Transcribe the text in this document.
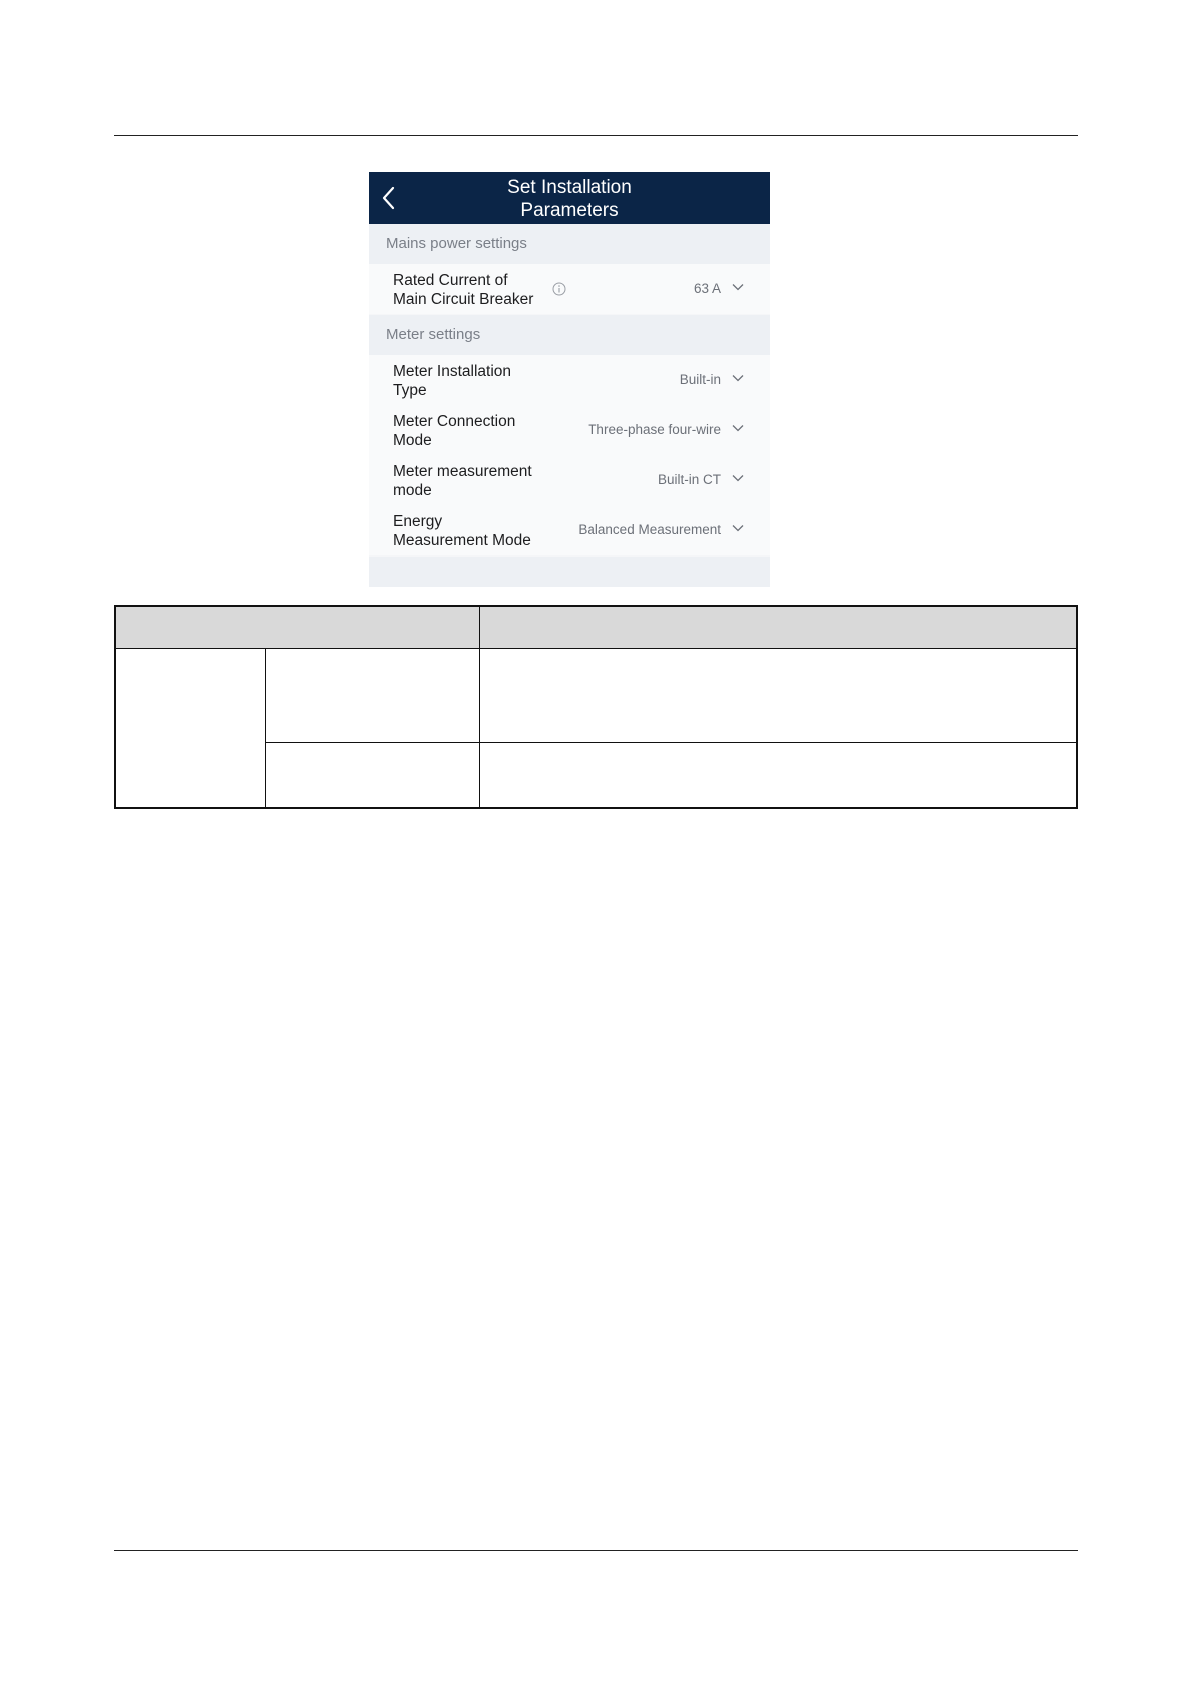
Set Installation
Parameters
Mains power settings
Rated Current of
Main Circuit Breaker
63 A
Meter settings
Meter Installation
Type
Built-in
Meter Connection
Mode
Three-phase four-wire
Meter measurement
mode
Built-in CT
Energy
Measurement Mode
Balanced Measurement
